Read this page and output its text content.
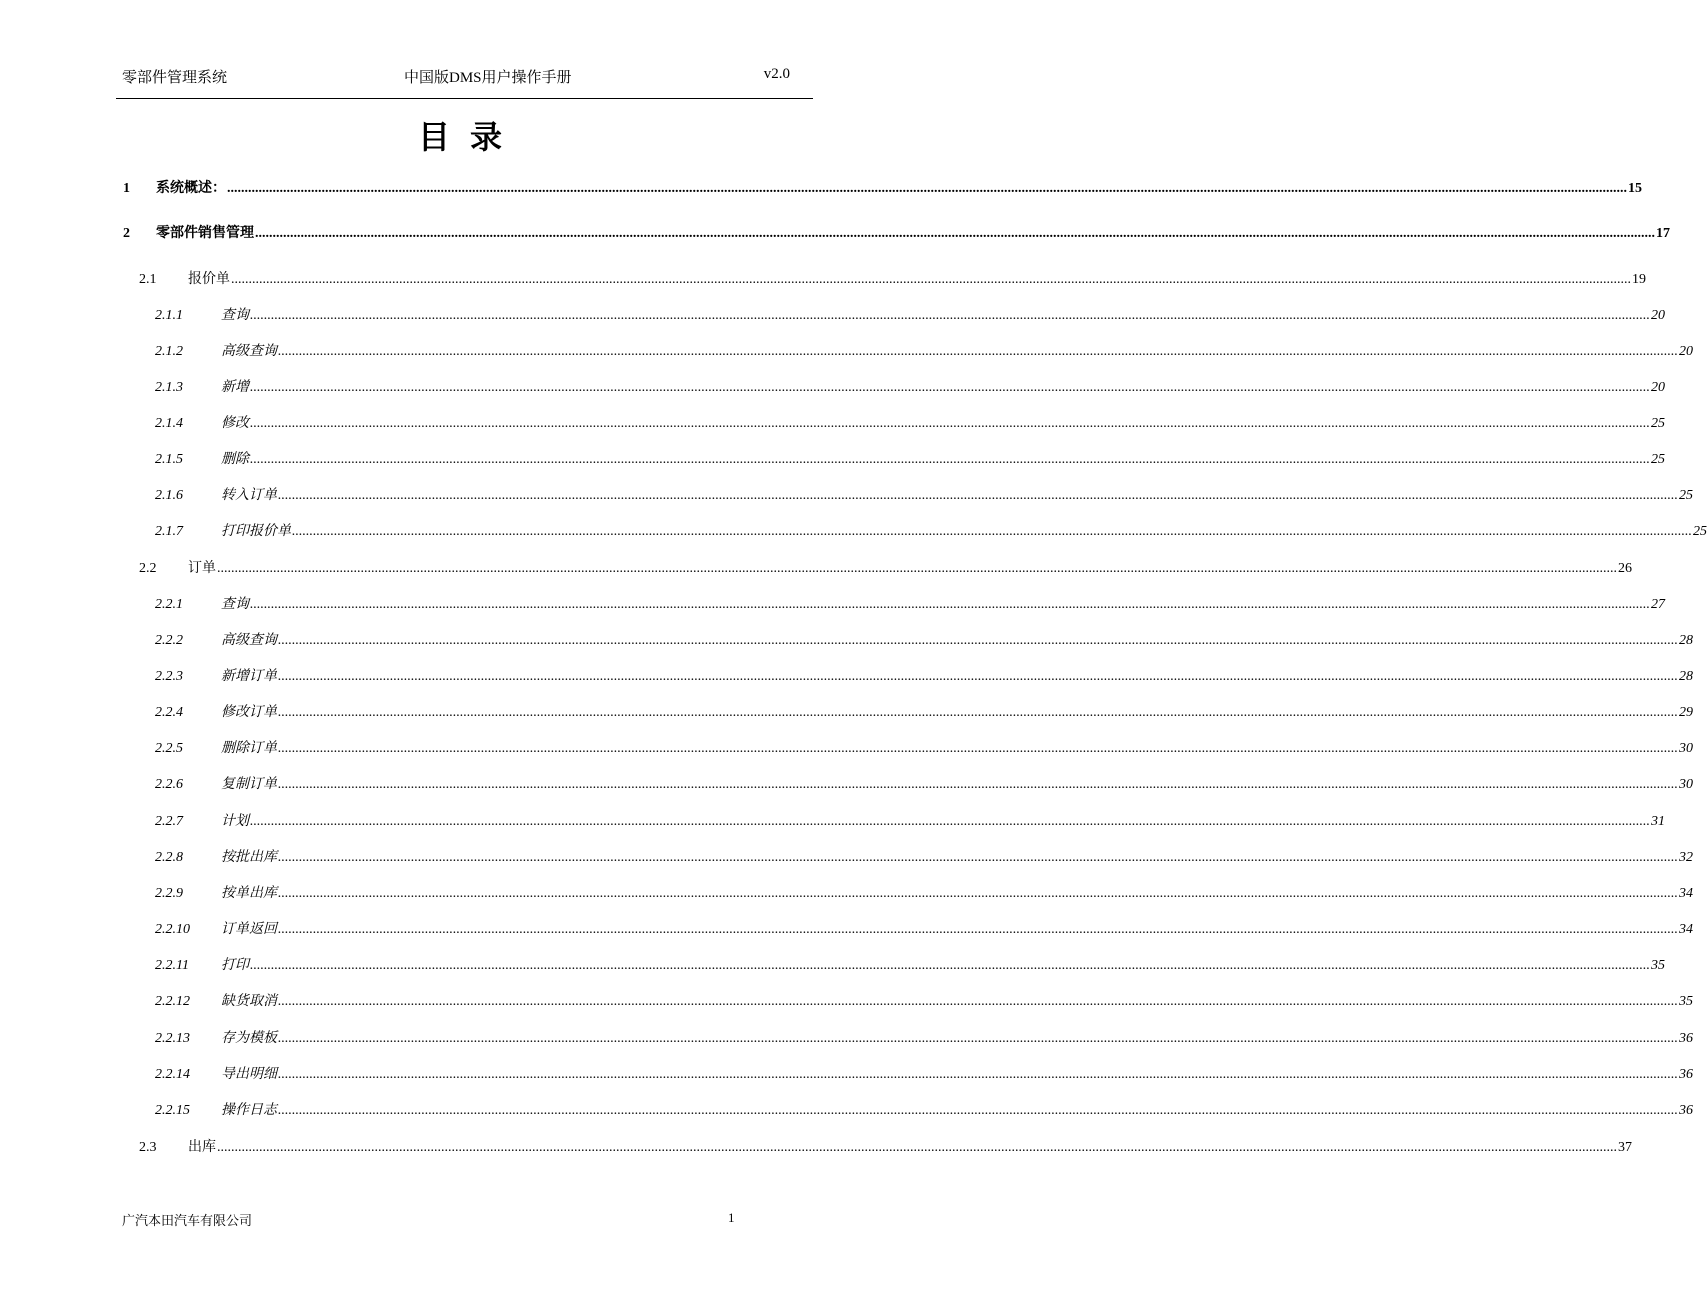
零部件管理系统	中国版DMS用户操作手册	v2.0
目录
1	系统概述： ................................................................................................................................................................................................................................................................................................................................................................................................................ 15
2	零部件销售管理 ................................................................................................................................................................................................................................................................................................................................................................................................................ 17
2.1	报价单 ................................................................................................................................................................................................................................................................................................................................................................................................................ 19
2.1.1	查询 ................................................................................................................................................................................................................................................................................................................................................................................................................ 20
2.1.2	高级查询 ................................................................................................................................................................................................................................................................................................................................................................................................................ 20
2.1.3	新增 ................................................................................................................................................................................................................................................................................................................................................................................................................ 20
2.1.4	修改 ................................................................................................................................................................................................................................................................................................................................................................................................................ 25
2.1.5	删除 ................................................................................................................................................................................................................................................................................................................................................................................................................ 25
2.1.6	转入订单 ................................................................................................................................................................................................................................................................................................................................................................................................................ 25
2.1.7	打印报价单 ................................................................................................................................................................................................................................................................................................................................................................................................................ 25
2.2	订单 ................................................................................................................................................................................................................................................................................................................................................................................................................ 26
2.2.1	查询 ................................................................................................................................................................................................................................................................................................................................................................................................................ 27
2.2.2	高级查询 ................................................................................................................................................................................................................................................................................................................................................................................................................ 28
2.2.3	新增订单 ................................................................................................................................................................................................................................................................................................................................................................................................................ 28
2.2.4	修改订单 ................................................................................................................................................................................................................................................................................................................................................................................................................ 29
2.2.5	删除订单 ................................................................................................................................................................................................................................................................................................................................................................................................................ 30
2.2.6	复制订单 ................................................................................................................................................................................................................................................................................................................................................................................................................ 30
2.2.7	计划 ................................................................................................................................................................................................................................................................................................................................................................................................................ 31
2.2.8	按批出库 ................................................................................................................................................................................................................................................................................................................................................................................................................ 32
2.2.9	按单出库 ................................................................................................................................................................................................................................................................................................................................................................................................................ 34
2.2.10	订单返回 ................................................................................................................................................................................................................................................................................................................................................................................................................ 34
2.2.11	打印 ................................................................................................................................................................................................................................................................................................................................................................................................................ 35
2.2.12	缺货取消 ................................................................................................................................................................................................................................................................................................................................................................................................................ 35
2.2.13	存为模板 ................................................................................................................................................................................................................................................................................................................................................................................................................ 36
2.2.14	导出明细 ................................................................................................................................................................................................................................................................................................................................................................................................................ 36
2.2.15	操作日志 ................................................................................................................................................................................................................................................................................................................................................................................................................ 36
2.3	出库 ................................................................................................................................................................................................................................................................................................................................................................................................................ 37
广汽本田汽车有限公司	1
